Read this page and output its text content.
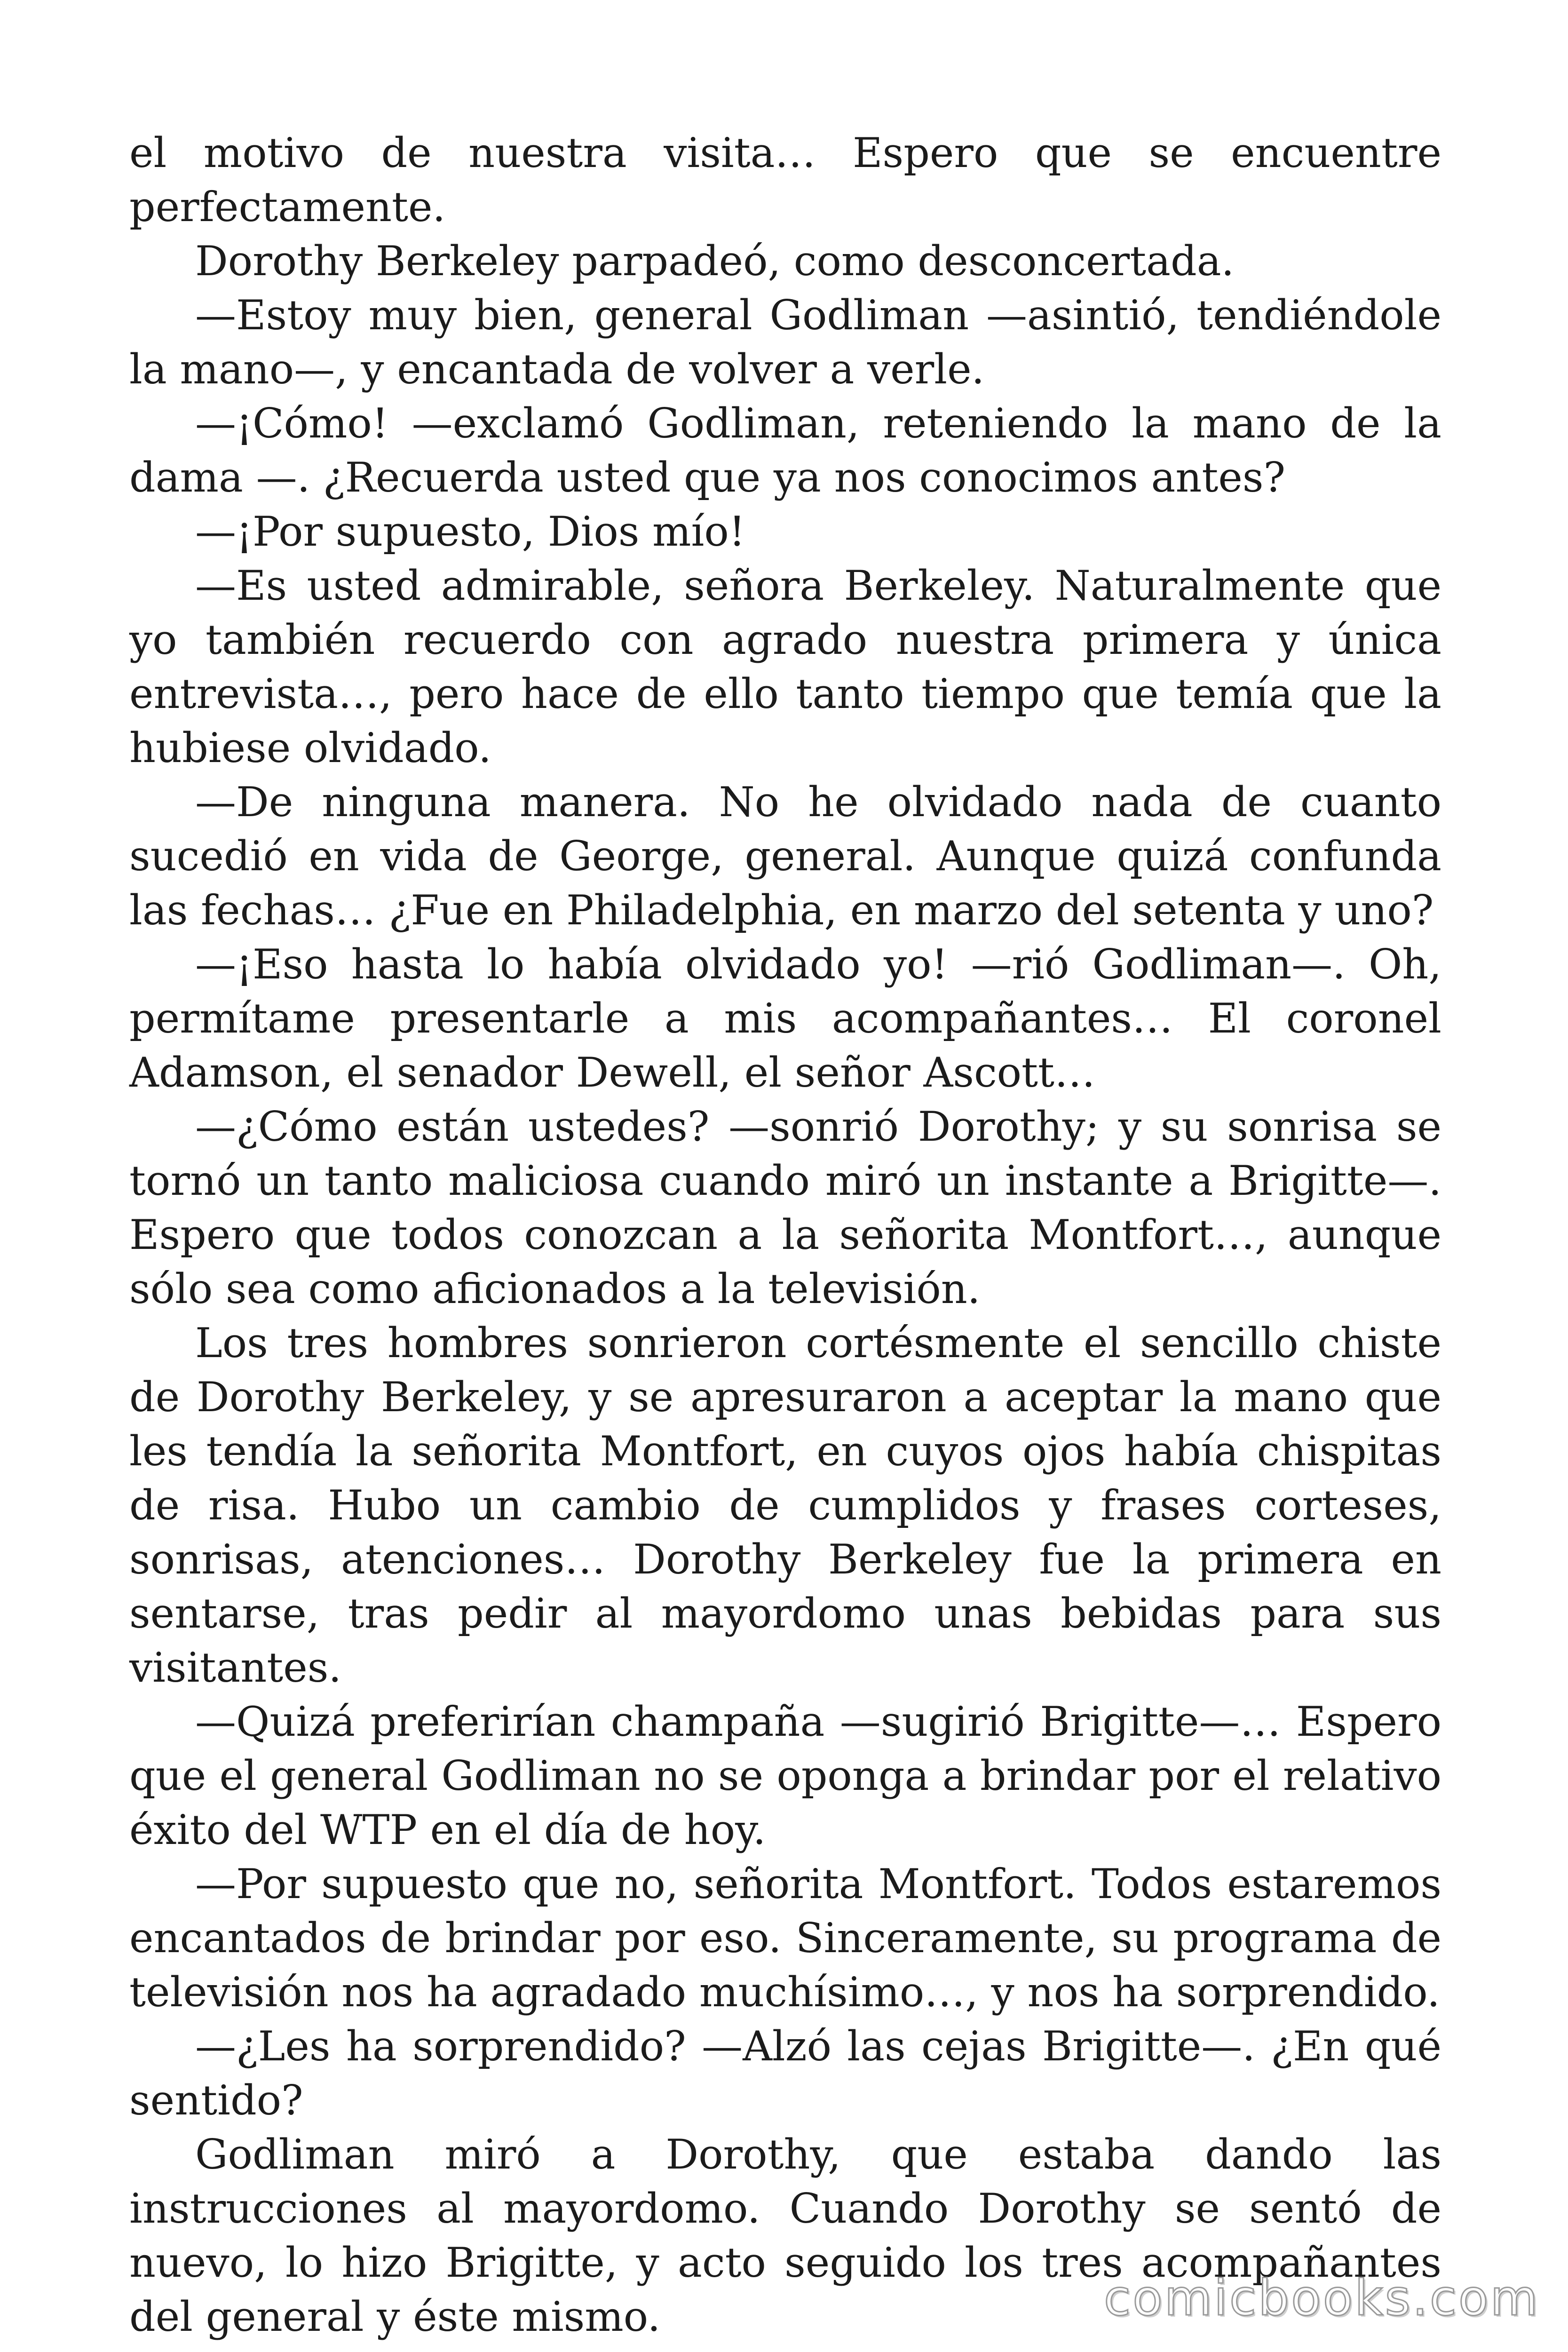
el motivo de nuestra visita… Espero que se encuentre perfectamente.

Dorothy Berkeley parpadeó, como desconcertada.

—Estoy muy bien, general Godliman —asintió, tendiéndole la mano—, y encantada de volver a verle.

—¡Cómo! —exclamó Godliman, reteniendo la mano de la dama —. ¿Recuerda usted que ya nos conocimos antes?

—¡Por supuesto, Dios mío!

—Es usted admirable, señora Berkeley. Naturalmente que yo también recuerdo con agrado nuestra primera y única entrevista…, pero hace de ello tanto tiempo que temía que la hubiese olvidado.

—De ninguna manera. No he olvidado nada de cuanto sucedió en vida de George, general. Aunque quizá confunda las fechas… ¿Fue en Philadelphia, en marzo del setenta y uno?

—¡Eso hasta lo había olvidado yo! —rió Godliman—. Oh, permítame presentarle a mis acompañantes… El coronel Adamson, el senador Dewell, el señor Ascott…

—¿Cómo están ustedes? —sonrió Dorothy; y su sonrisa se tornó un tanto maliciosa cuando miró un instante a Brigitte—. Espero que todos conozcan a la señorita Montfort…, aunque sólo sea como aficionados a la televisión.

Los tres hombres sonrieron cortésmente el sencillo chiste de Dorothy Berkeley, y se apresuraron a aceptar la mano que les tendía la señorita Montfort, en cuyos ojos había chispitas de risa. Hubo un cambio de cumplidos y frases corteses, sonrisas, atenciones… Dorothy Berkeley fue la primera en sentarse, tras pedir al mayordomo unas bebidas para sus visitantes.

—Quizá preferirían champaña —sugirió Brigitte—… Espero que el general Godliman no se oponga a brindar por el relativo éxito del WTP en el día de hoy.

—Por supuesto que no, señorita Montfort. Todos estaremos encantados de brindar por eso. Sinceramente, su programa de televisión nos ha agradado muchísimo…, y nos ha sorprendido.

—¿Les ha sorprendido? —Alzó las cejas Brigitte—. ¿En qué sentido?

Godliman miró a Dorothy, que estaba dando las instrucciones al mayordomo. Cuando Dorothy se sentó de nuevo, lo hizo Brigitte, y acto seguido los tres acompañantes del general y éste mismo.	comicbooks.com
